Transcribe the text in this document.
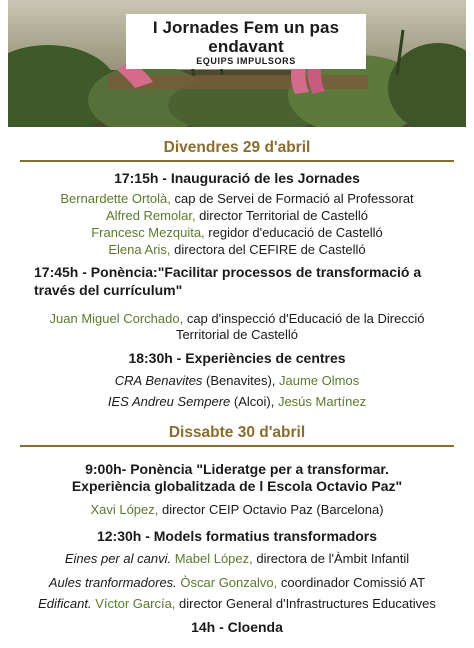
I Jornades Fem un pas endavant
EQUIPS IMPULSORS
Divendres 29 d'abril
17:15h - Inauguració de les Jornades
Bernardette Ortolà, cap de Servei de Formació al Professorat
Alfred Remolar, director Territorial de Castelló
Francesc Mezquita, regidor d'educació de Castelló
Elena Aris, directora del CEFIRE de Castelló
17:45h - Ponència:"Facilitar processos de transformació a
través del currículum"
Juan Miguel Corchado, cap d'inspecció d'Educació de la Direcció
Territorial de Castelló
18:30h - Experiències de centres
CRA Benavites (Benavites), Jaume Olmos
IES Andreu Sempere (Alcoi), Jesús Martínez
Dissabte 30 d'abril
9:00h- Ponència "Lideratge per a transformar.
Experiència globalitzada de l Escola Octavio Paz"
Xavi López, director CEIP Octavio Paz (Barcelona)
12:30h - Models formatius transformadors
Eines per al canvi. Mabel López, directora de l'Àmbit Infantil
Aules tranformadores. Òscar Gonzalvo, coordinador Comissió AT
Edificant. Víctor García, director General d'Infrastructures Educatives
14h - Cloenda
